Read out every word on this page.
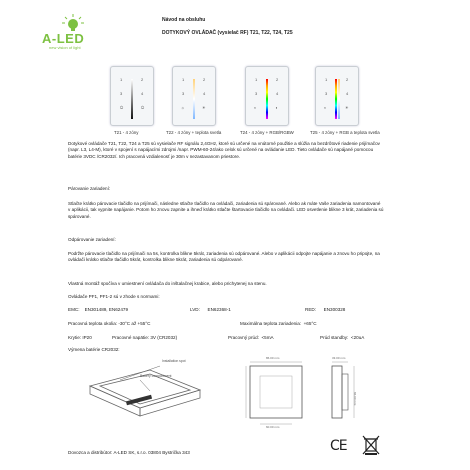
A-LED
new vision of light
Návod na obsluhu
DOTYKOVÝ OVLÁDAČ (vysielač RF) T21, T22, T24, T25
1	2
3	4
⏻	⏻
T21 - 4 zóny
1	2
3	4
☼	☀
T22 - 4 zóny + teplota svetla
1	2
3	4
◐	◑
T24 - 4 zóny + RGB/RGBW
1	2
3	4
◐	☀
T25 - 4 zóny + RGB a teplota svetla
Dotykové ovládače T21, T22, T24 a T25 sú vysielače RF signálu 2,4GHz, ktoré sú určené na vnútorné použitie a slúžia na bezdrôtové riadenie prijímačov (napr. L3, L4-M), ktoré v spojení s napájacími zdrojmi /napr. PWM-60-24/ako celok sú určené na ovládanie LED. Tieto ovládače sú napájané pomocou batérie 3VDC /CR2032/. Ich pracovná vzdialenosť je 30m v nezastavanom priestore.
Párovanie zariadení:
Stlačte krátko párovacie tlačidlo na prijímači, následne stlačte tlačidlo na ovládači, zariadenia sú spárované. Alebo ak máte Vaše zariadenia namontované v aplikácii, tak vypnite napájanie. Potom ho znovu zapnite a ihneď krátko stlačte štartovacie tlačidlo na ovládači. LED osvetlenie blikne 3 krát, zariadenia sú spárované.
Odpárovanie zariadení:
Podržte párovacie tlačidlo na prijímači na 5s, kontrolka blikne 5krát, zariadenia sú odpárované. Alebo v aplikácii odpojte napájanie a znovu ho pripojte, na ovládači krátko stlačte tlačidlo 5krát, kontrolka blikne 5krát, zariadenia sú odpárované.
Vlastná montáž spočíva v umiestnení ovládača do inštalačnej krabice, alebo prichytenej na stenu.
Ovládače PF1, PF1-2 sú v zhode s normami:
EMC: EN301489, EN62479	LVD: EN62368-1	RED: EN300328
Pracovná teplota okolia: -30°C až +55°C	Maximálna teplota zariadenia: +65°C
Krytie: IP20	Pracovné napätie: 3V (CR2032)	Pracovný prúd: <5mA	Prúd standby: <20uA
Výmena batérie CR2032:
Installation spot
Battery compartment
86.00 mm
60.00 mm
33.00 mm
86.00 mm
CE
Dovozca a distribútor: A-LED SK, s.r.o. 03804 Bystrička 343
